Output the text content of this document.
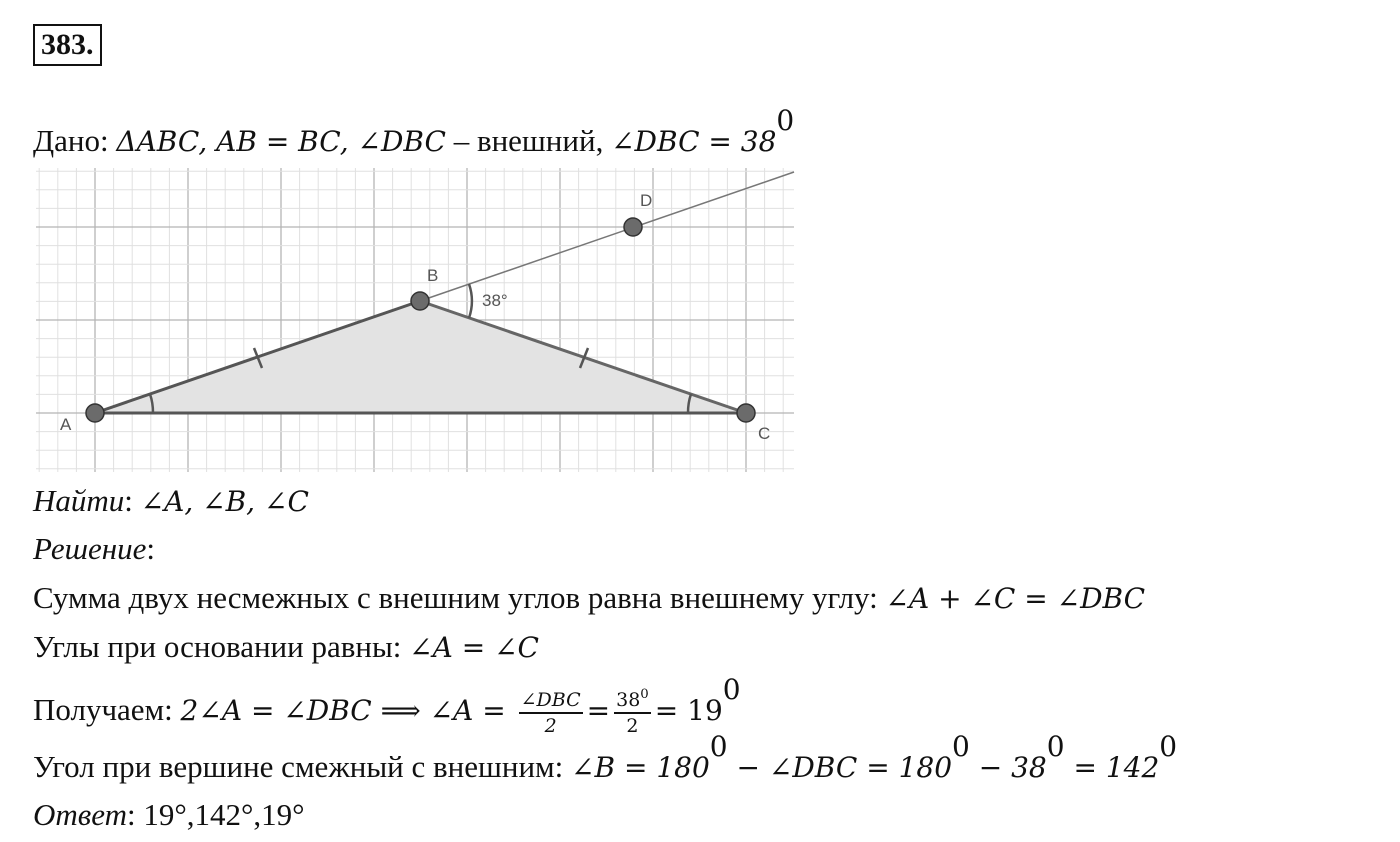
383.
Дано: ΔABC, AB = BC, ∠DBC – внешний, ∠DBC = $38^0$
38°
A
B
C
D
Найти: ∠A, ∠B, ∠C
Решение:
Сумма двух несмежных с внешним углов равна внешнему углу: ∠A + ∠C = ∠DBC
Углы при основании равны: ∠A = ∠C
Получаем: 2∠A = ∠DBC ⟹ ∠A = $\frac{\text{∠DBC}}{2} = \frac{38^0}{2} = 19^0$
Угол при вершине смежный с внешним: ∠B = $180^0$ − ∠DBC = $180^0 - 38^0 = 142^0$
Ответ: 19°,142°,19°
